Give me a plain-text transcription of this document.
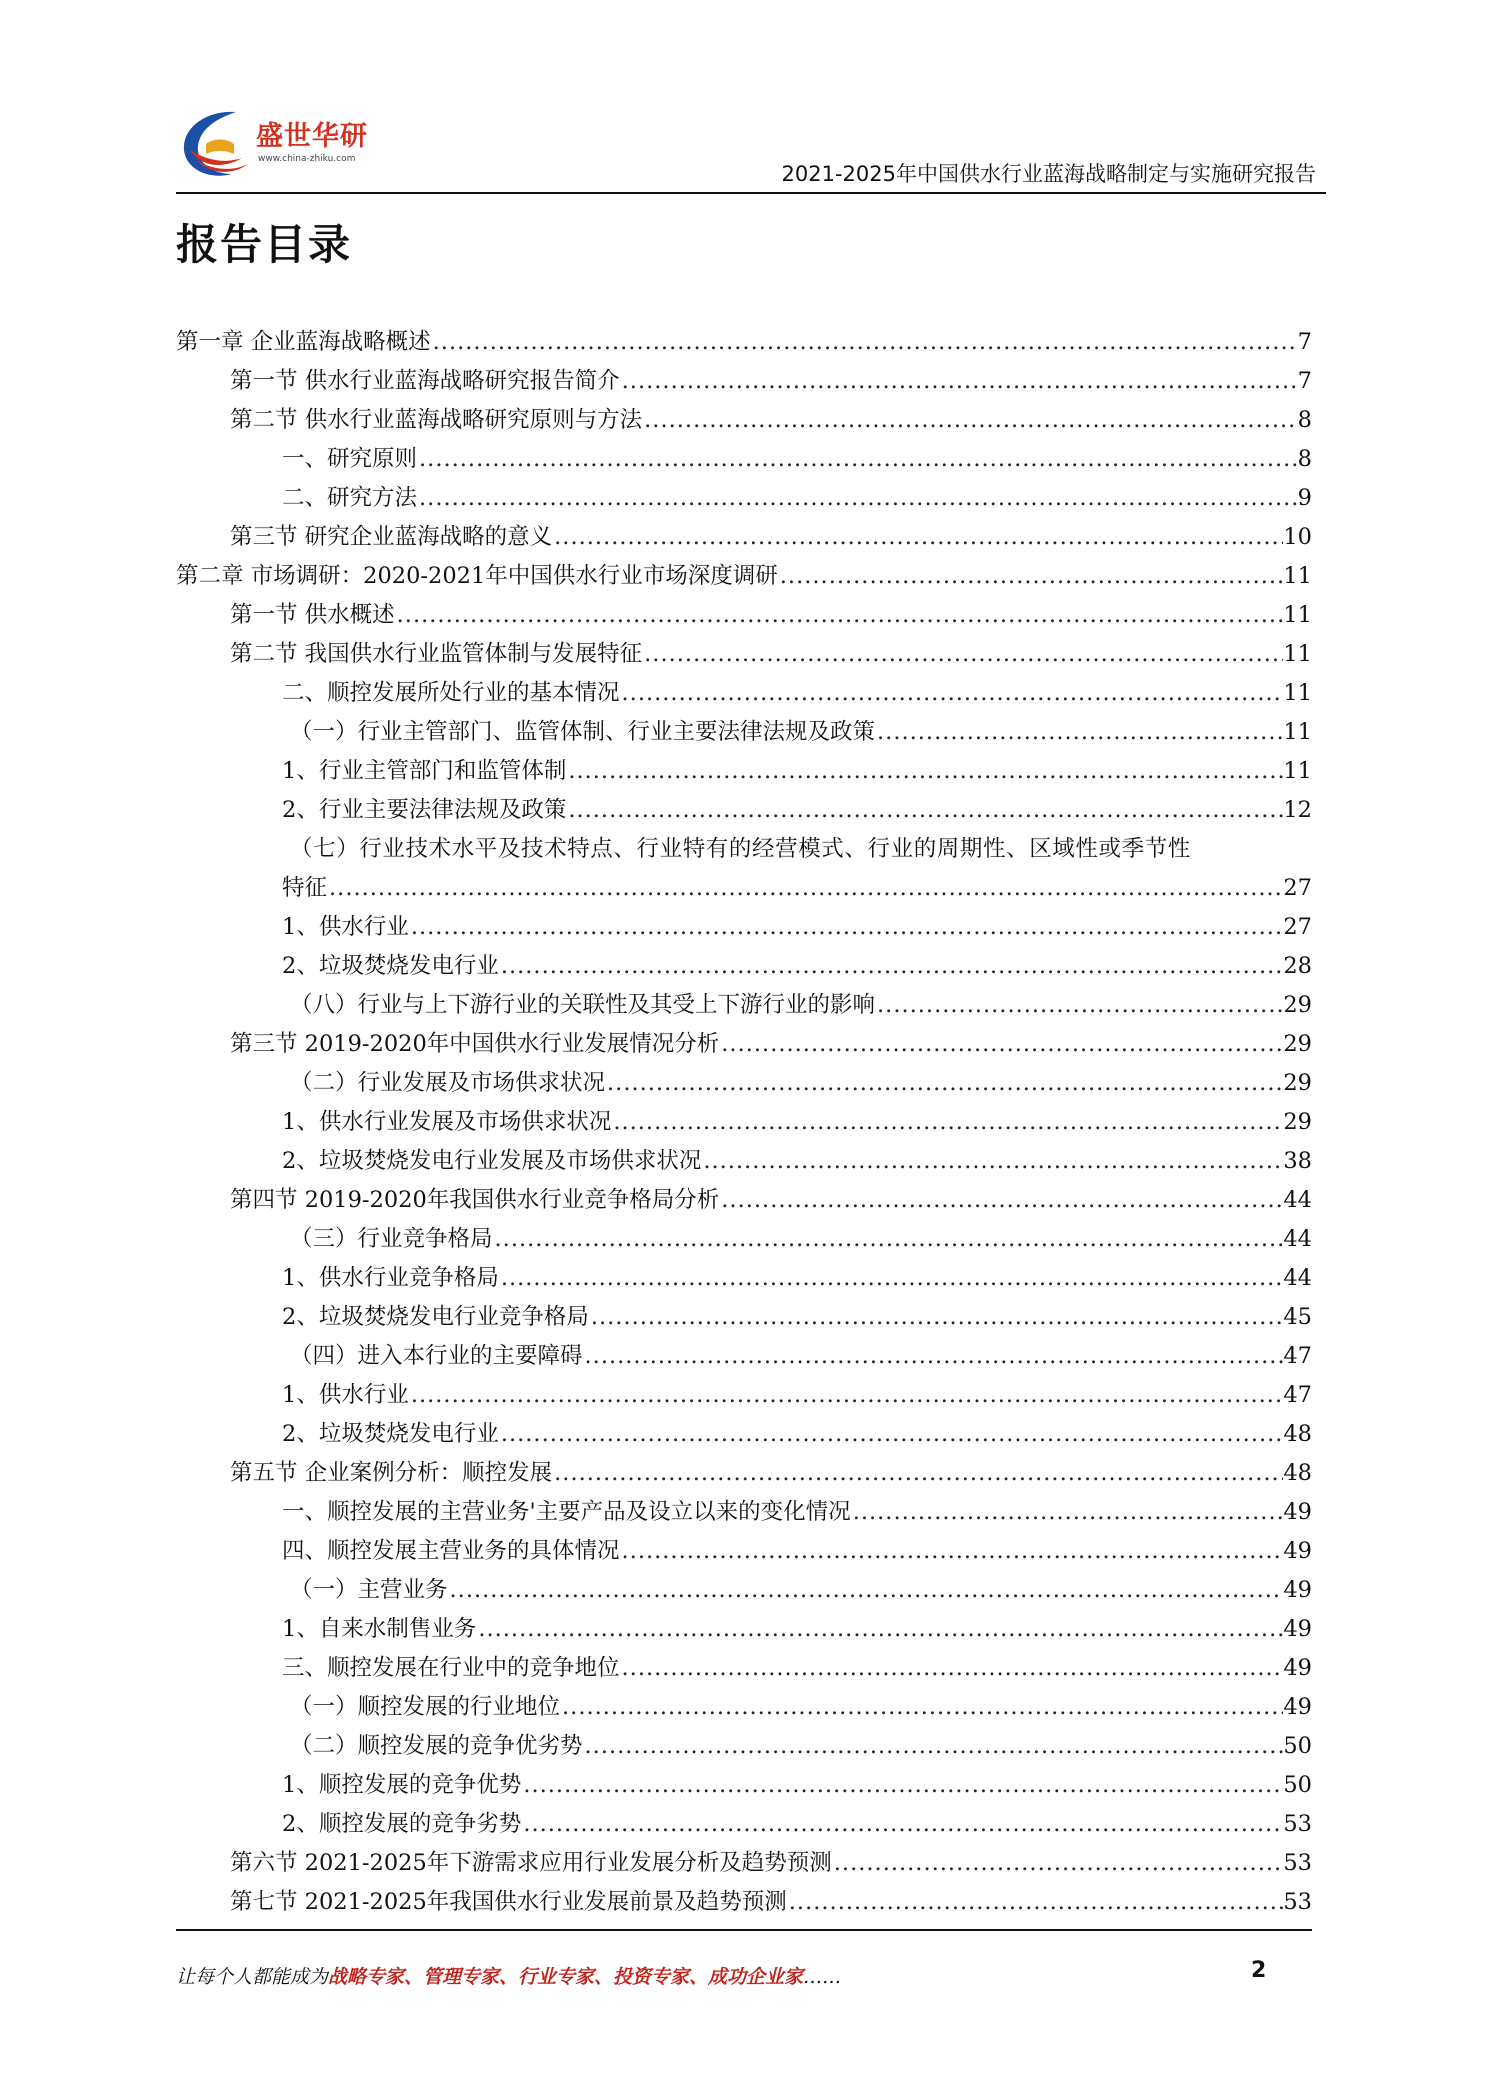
盛世华研
www.china-zhiku.com
2021-2025年中国供水行业蓝海战略制定与实施研究报告
报告目录
第一章 企业蓝海战略概述 .....	7
第一节 供水行业蓝海战略研究报告简介 .....	7
第二节 供水行业蓝海战略研究原则与方法 .....	8
一、研究原则 .....	8
二、研究方法 .....	9
第三节 研究企业蓝海战略的意义 .....	10
第二章 市场调研：2020-2021年中国供水行业市场深度调研 .....	11
第一节 供水概述 .....	11
第二节 我国供水行业监管体制与发展特征 .....	11
二、顺控发展所处行业的基本情况 .....	11
（一）行业主管部门、监管体制、行业主要法律法规及政策 .....	11
1、行业主管部门和监管体制 .....	11
2、行业主要法律法规及政策 .....	12
（七）行业技术水平及技术特点、行业特有的经营模式、行业的周期性、区域性或季节性
特征 .....	27
1、供水行业 .....	27
2、垃圾焚烧发电行业 .....	28
（八）行业与上下游行业的关联性及其受上下游行业的影响 .....	29
第三节 2019-2020年中国供水行业发展情况分析 .....	29
（二）行业发展及市场供求状况 .....	29
1、供水行业发展及市场供求状况 .....	29
2、垃圾焚烧发电行业发展及市场供求状况 .....	38
第四节 2019-2020年我国供水行业竞争格局分析 .....	44
（三）行业竞争格局 .....	44
1、供水行业竞争格局 .....	44
2、垃圾焚烧发电行业竞争格局 .....	45
（四）进入本行业的主要障碍 .....	47
1、供水行业 .....	47
2、垃圾焚烧发电行业 .....	48
第五节 企业案例分析：顺控发展 .....	48
一、顺控发展的主营业务'主要产品及设立以来的变化情况 .....	49
四、顺控发展主营业务的具体情况 .....	49
（一）主营业务 .....	49
1、自来水制售业务 .....	49
三、顺控发展在行业中的竞争地位 .....	49
（一）顺控发展的行业地位 .....	49
（二）顺控发展的竞争优劣势 .....	50
1、顺控发展的竞争优势 .....	50
2、顺控发展的竞争劣势 .....	53
第六节 2021-2025年下游需求应用行业发展分析及趋势预测 .....	53
第七节 2021-2025年我国供水行业发展前景及趋势预测 .....	53
让每个人都能成为战略专家、管理专家、行业专家、投资专家、成功企业家……	2
